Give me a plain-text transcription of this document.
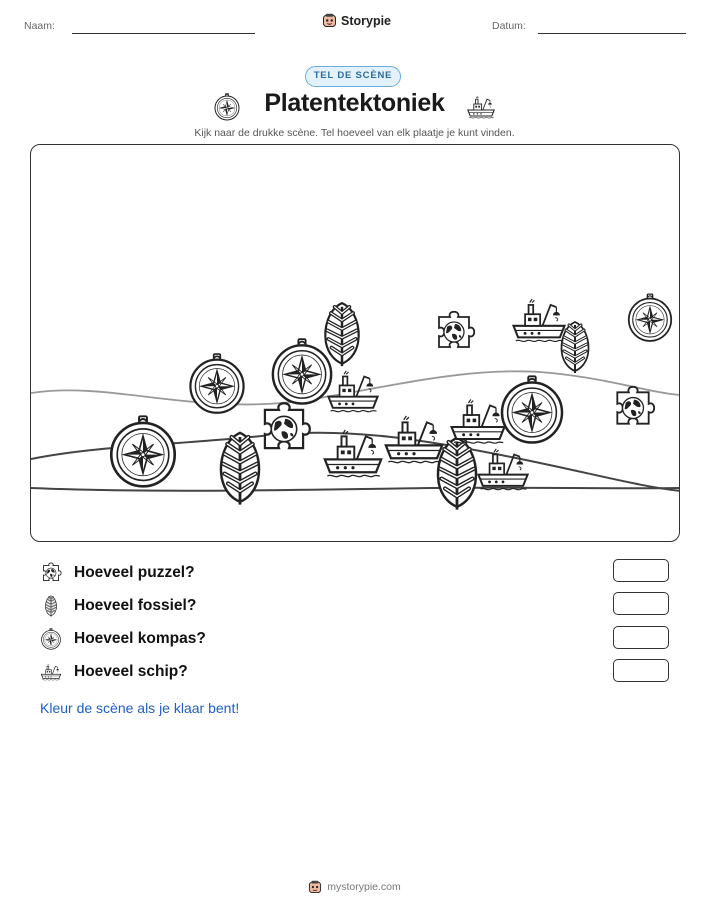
Naam:	Storypie	Datum:
TEL DE SCÈNE
Platentektoniek
Kijk naar de drukke scène. Tel hoeveel van elk plaatje je kunt vinden.
Hoeveel puzzel?
Hoeveel fossiel?
Hoeveel kompas?
Hoeveel schip?
Kleur de scène als je klaar bent!
mystorypie.com
